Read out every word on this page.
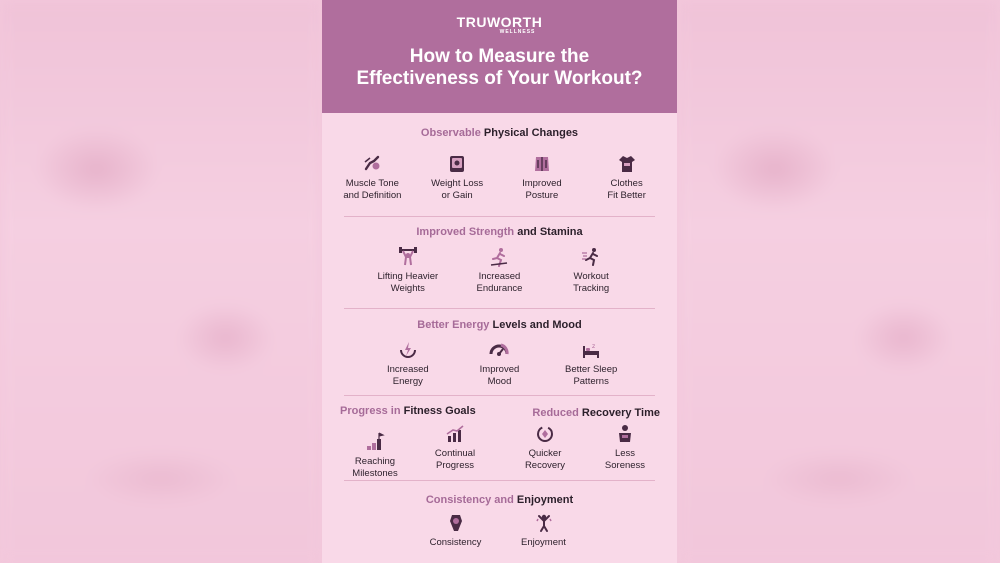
TRUWORTH
WELLNESS
How to Measure the
Effectiveness of Your Workout?
Observable Physical Changes
Muscle Tone
and Definition
Weight Loss
or Gain
Improved
Posture
Clothes
Fit Better
Improved Strength and Stamina
Lifting Heavier
Weights
Increased
Endurance
Workout
Tracking
Better Energy Levels and Mood
Increased
Energy
Improved
Mood
z
Better Sleep
Patterns
Progress in Fitness Goals
Reaching
Milestones
Continual
Progress
Reduced Recovery Time
Quicker
Recovery
Less
Soreness
Consistency and Enjoyment
Consistency	Enjoyment
